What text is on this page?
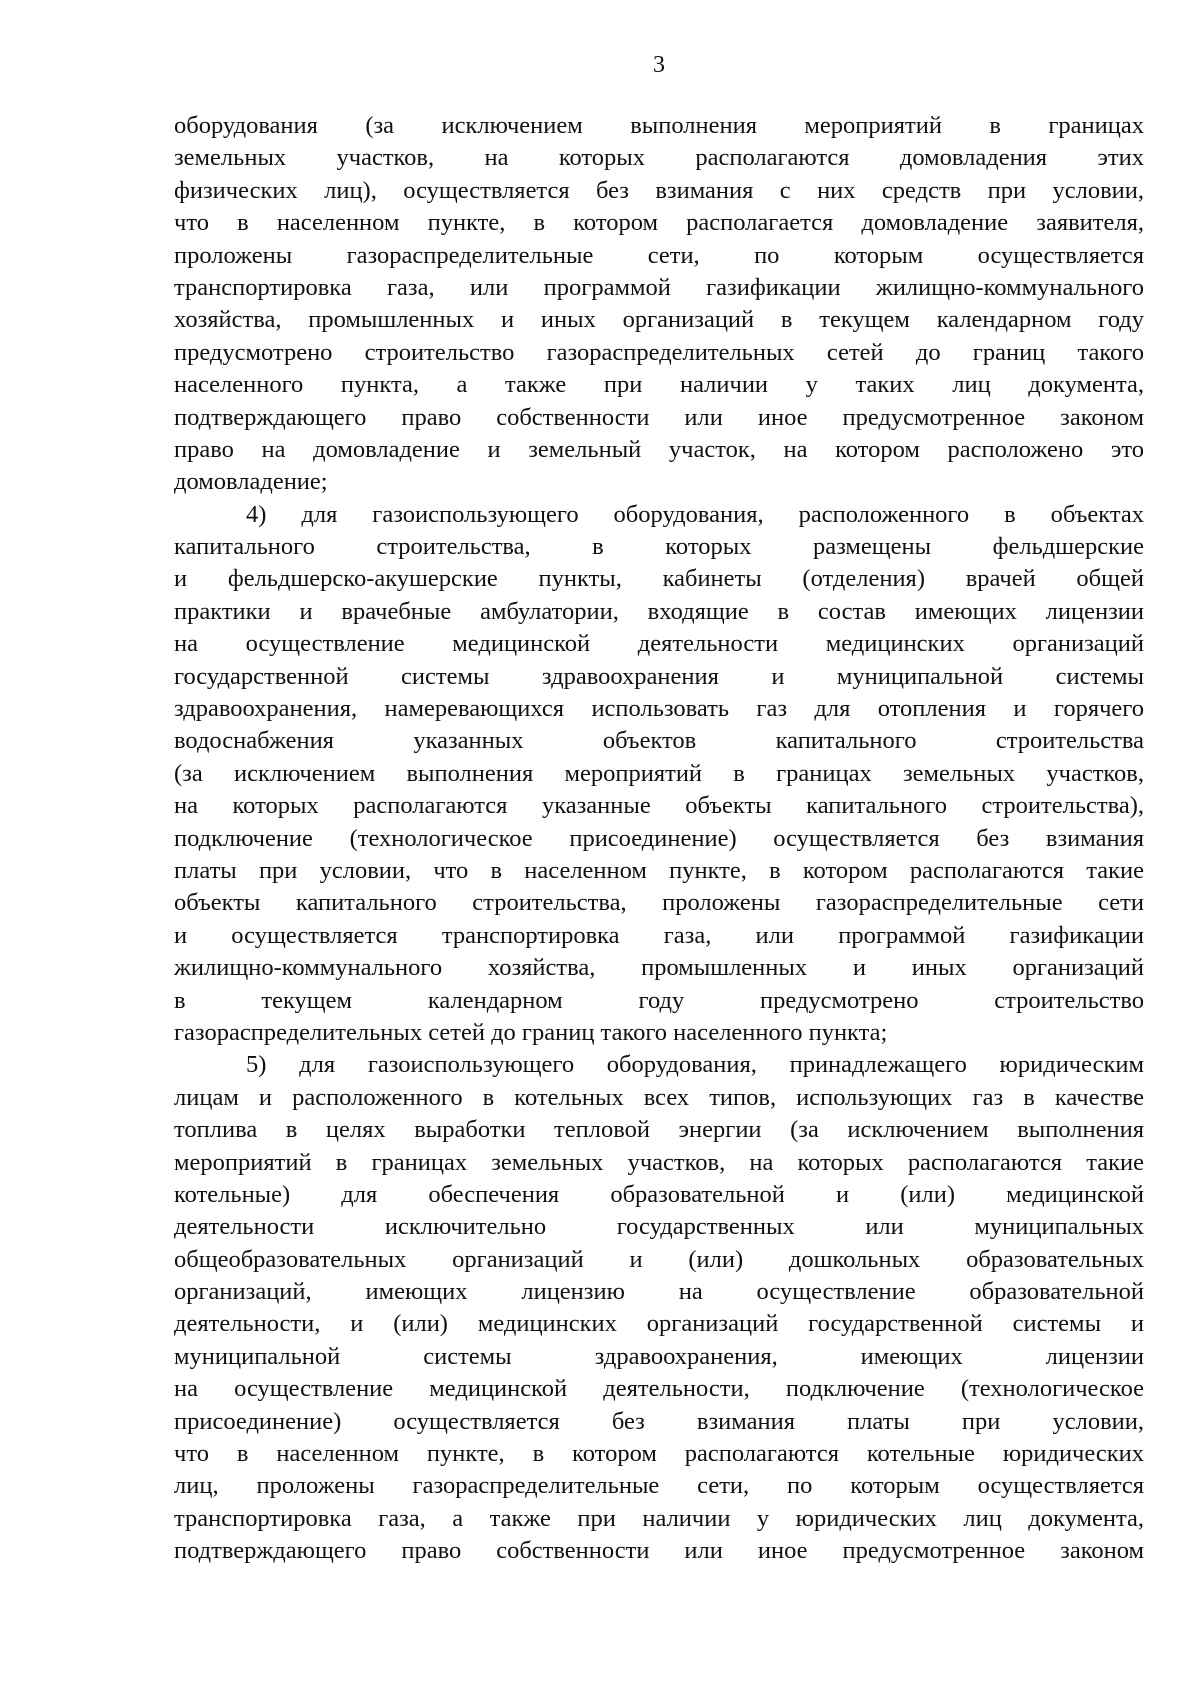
3
оборудования (за исключением выполнения мероприятий в границах
земельных участков, на которых располагаются домовладения этих
физических лиц), осуществляется без взимания с них средств при условии,
что в населенном пункте, в котором располагается домовладение заявителя,
проложены газораспределительные сети, по которым осуществляется
транспортировка газа, или программой газификации жилищно-коммунального
хозяйства, промышленных и иных организаций в текущем календарном году
предусмотрено строительство газораспределительных сетей до границ такого
населенного пункта, а также при наличии у таких лиц документа,
подтверждающего право собственности или иное предусмотренное законом
право на домовладение и земельный участок, на котором расположено это
домовладение;
4) для газоиспользующего оборудования, расположенного в объектах
капитального строительства, в которых размещены фельдшерские
и фельдшерско-акушерские пункты, кабинеты (отделения) врачей общей
практики и врачебные амбулатории, входящие в состав имеющих лицензии
на осуществление медицинской деятельности медицинских организаций
государственной системы здравоохранения и муниципальной системы
здравоохранения, намеревающихся использовать газ для отопления и горячего
водоснабжения указанных объектов капитального строительства
(за исключением выполнения мероприятий в границах земельных участков,
на которых располагаются указанные объекты капитального строительства),
подключение (технологическое присоединение) осуществляется без взимания
платы при условии, что в населенном пункте, в котором располагаются такие
объекты капитального строительства, проложены газораспределительные сети
и осуществляется транспортировка газа, или программой газификации
жилищно-коммунального хозяйства, промышленных и иных организаций
в текущем календарном году предусмотрено строительство
газораспределительных сетей до границ такого населенного пункта;
5) для газоиспользующего оборудования, принадлежащего юридическим
лицам и расположенного в котельных всех типов, использующих газ в качестве
топлива в целях выработки тепловой энергии (за исключением выполнения
мероприятий в границах земельных участков, на которых располагаются такие
котельные) для обеспечения образовательной и (или) медицинской
деятельности исключительно государственных или муниципальных
общеобразовательных организаций и (или) дошкольных образовательных
организаций, имеющих лицензию на осуществление образовательной
деятельности, и (или) медицинских организаций государственной системы и
муниципальной системы здравоохранения, имеющих лицензии
на осуществление медицинской деятельности, подключение (технологическое
присоединение) осуществляется без взимания платы при условии,
что в населенном пункте, в котором располагаются котельные юридических
лиц, проложены газораспределительные сети, по которым осуществляется
транспортировка газа, а также при наличии у юридических лиц документа,
подтверждающего право собственности или иное предусмотренное законом
